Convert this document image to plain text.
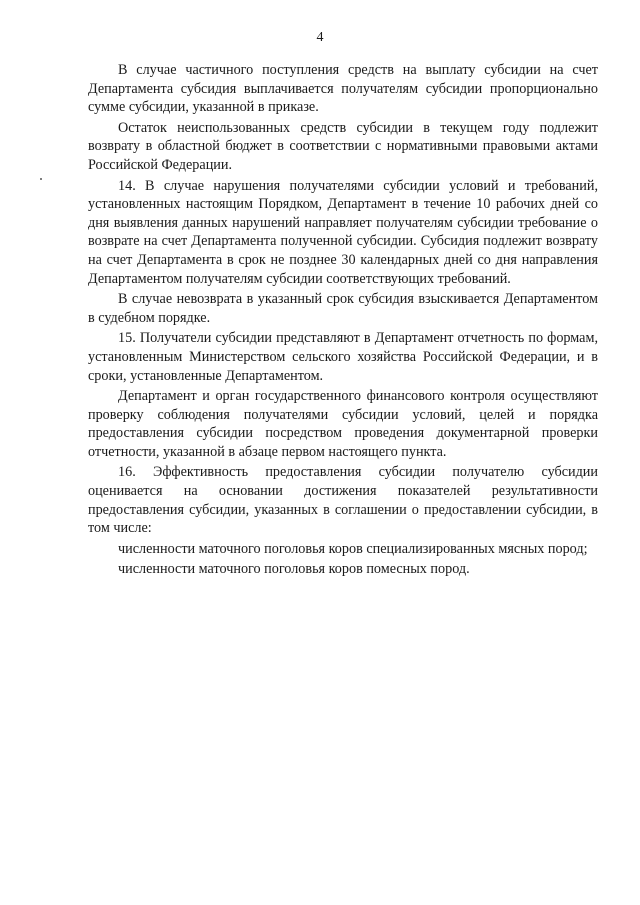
4

В случае частичного поступления средств на выплату субсидии на счет Департамента субсидия выплачивается получателям субсидии пропорционально сумме субсидии, указанной в приказе.

Остаток неиспользованных средств субсидии в текущем году подлежит возврату в областной бюджет в соответствии с нормативными правовыми актами Российской Федерации.

14. В случае нарушения получателями субсидии условий и требований, установленных настоящим Порядком, Департамент в течение 10 рабочих дней со дня выявления данных нарушений направляет получателям субсидии требование о возврате на счет Департамента полученной субсидии. Субсидия подлежит возврату на счет Департамента в срок не позднее 30 календарных дней со дня направления Департаментом получателям субсидии соответствующих требований.

В случае невозврата в указанный срок субсидия взыскивается Департаментом в судебном порядке.

15. Получатели субсидии представляют в Департамент отчетность по формам, установленным Министерством сельского хозяйства Российской Федерации, и в сроки, установленные Департаментом.

Департамент и орган государственного финансового контроля осуществляют проверку соблюдения получателями субсидии условий, целей и порядка предоставления субсидии посредством проведения документарной проверки отчетности, указанной в абзаце первом настоящего пункта.

16. Эффективность предоставления субсидии получателю субсидии оценивается на основании достижения показателей результативности предоставления субсидии, указанных в соглашении о предоставлении субсидии, в том числе:

численности маточного поголовья коров специализированных мясных пород;

численности маточного поголовья коров помесных пород.
